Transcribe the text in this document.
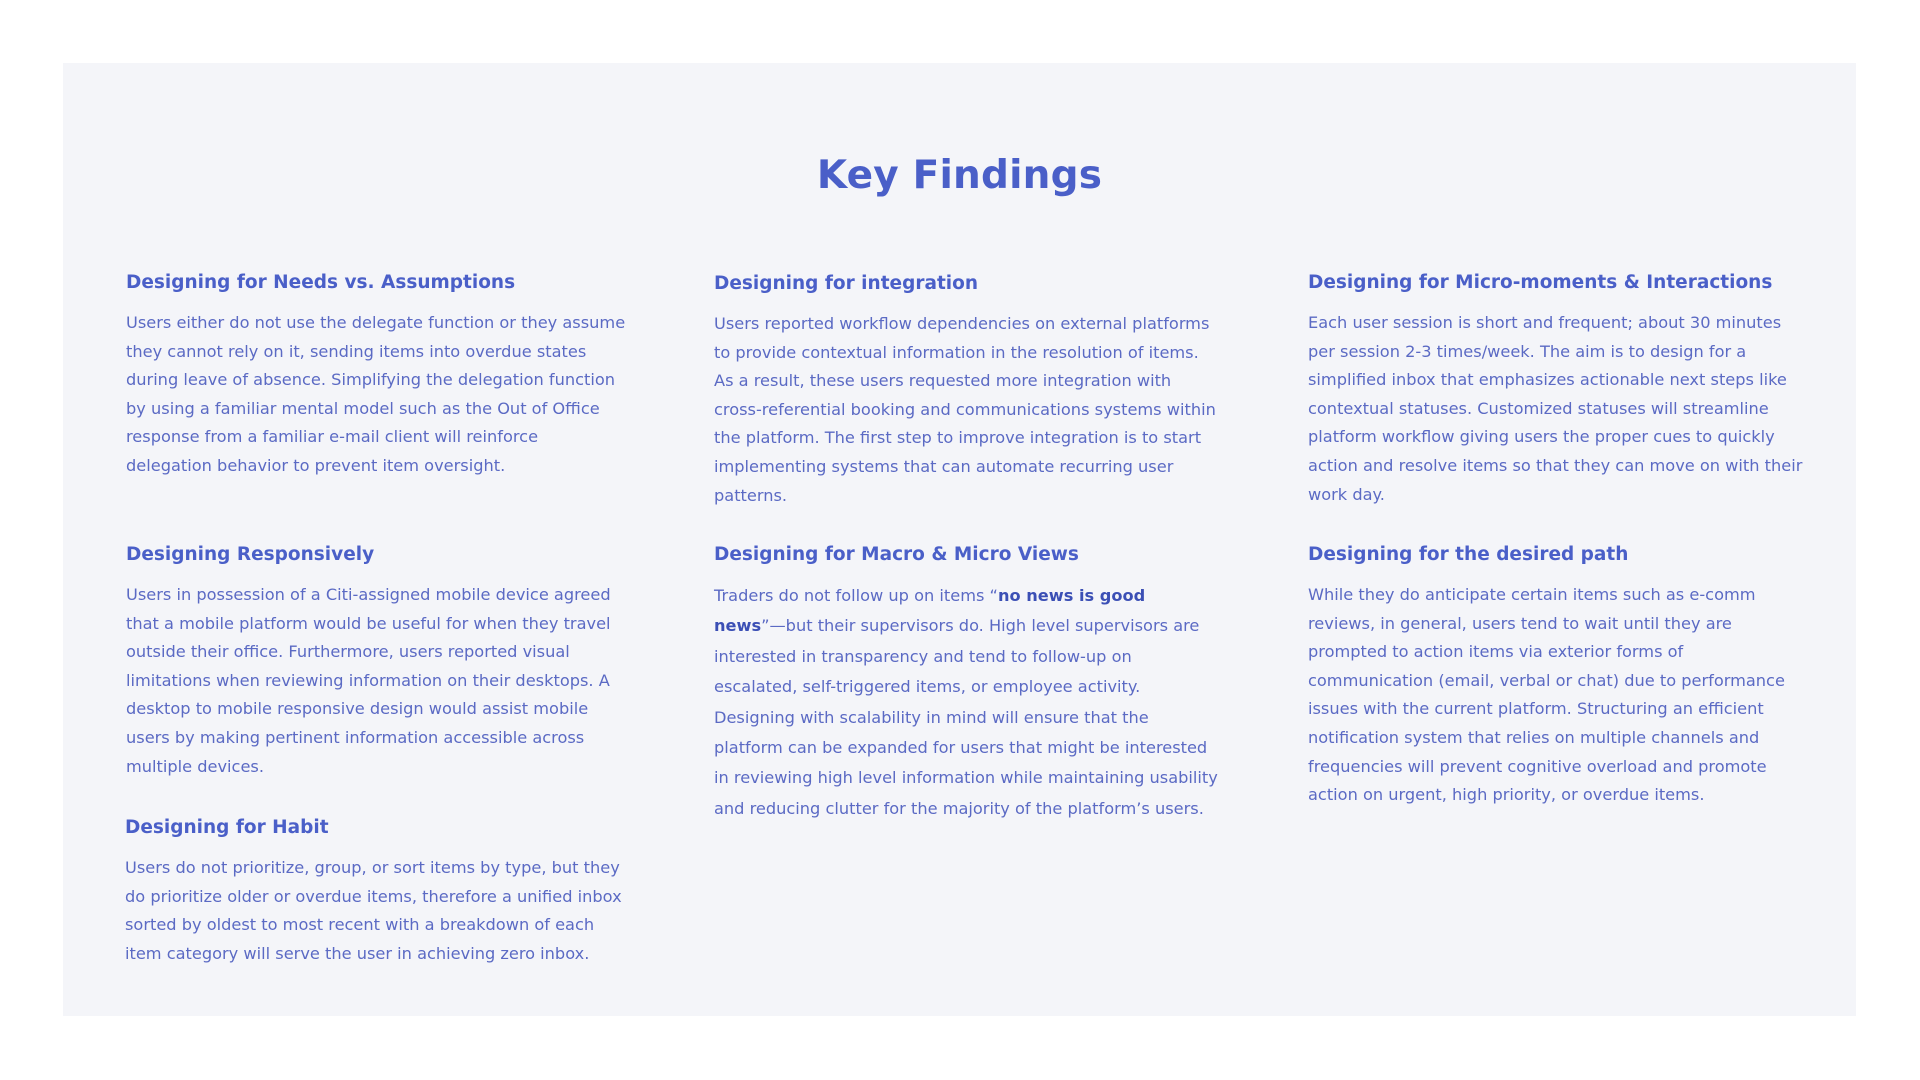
Key Findings
Designing for Needs vs. Assumptions

Users either do not use the delegate function or they assume they cannot rely on it, sending items into overdue states during leave of absence. Simplifying the delegation function by using a familiar mental model such as the Out of Office response from a familiar e-mail client will reinforce delegation behavior to prevent item oversight.

Designing for integration

Users reported workflow dependencies on external platforms to provide contextual information in the resolution of items. As a result, these users requested more integration with cross-referential booking and communications systems within the platform. The first step to improve integration is to start implementing systems that can automate recurring user patterns.

Designing for Micro-moments & Interactions

Each user session is short and frequent; about 30 minutes per session 2-3 times/week. The aim is to design for a simplified inbox that emphasizes actionable next steps like contextual statuses. Customized statuses will streamline platform workflow giving users the proper cues to quickly action and resolve items so that they can move on with their work day.

Designing Responsively

Users in possession of a Citi-assigned mobile device agreed that a mobile platform would be useful for when they travel outside their office. Furthermore, users reported visual limitations when reviewing information on their desktops. A desktop to mobile responsive design would assist mobile users by making pertinent information accessible across multiple devices.

Designing for Macro & Micro Views

Traders do not follow up on items “no news is good news”—but their supervisors do. High level supervisors are interested in transparency and tend to follow-up on escalated, self-triggered items, or employee activity. Designing with scalability in mind will ensure that the platform can be expanded for users that might be interested in reviewing high level information while maintaining usability and reducing clutter for the majority of the platform’s users.

Designing for the desired path

While they do anticipate certain items such as e-comm reviews, in general, users tend to wait until they are prompted to action items via exterior forms of communication (email, verbal or chat) due to performance issues with the current platform. Structuring an efficient notification system that relies on multiple channels and frequencies will prevent cognitive overload and promote action on urgent, high priority, or overdue items.

Designing for Habit

Users do not prioritize, group, or sort items by type, but they do prioritize older or overdue items, therefore a unified inbox sorted by oldest to most recent with a breakdown of each item category will serve the user in achieving zero inbox.
